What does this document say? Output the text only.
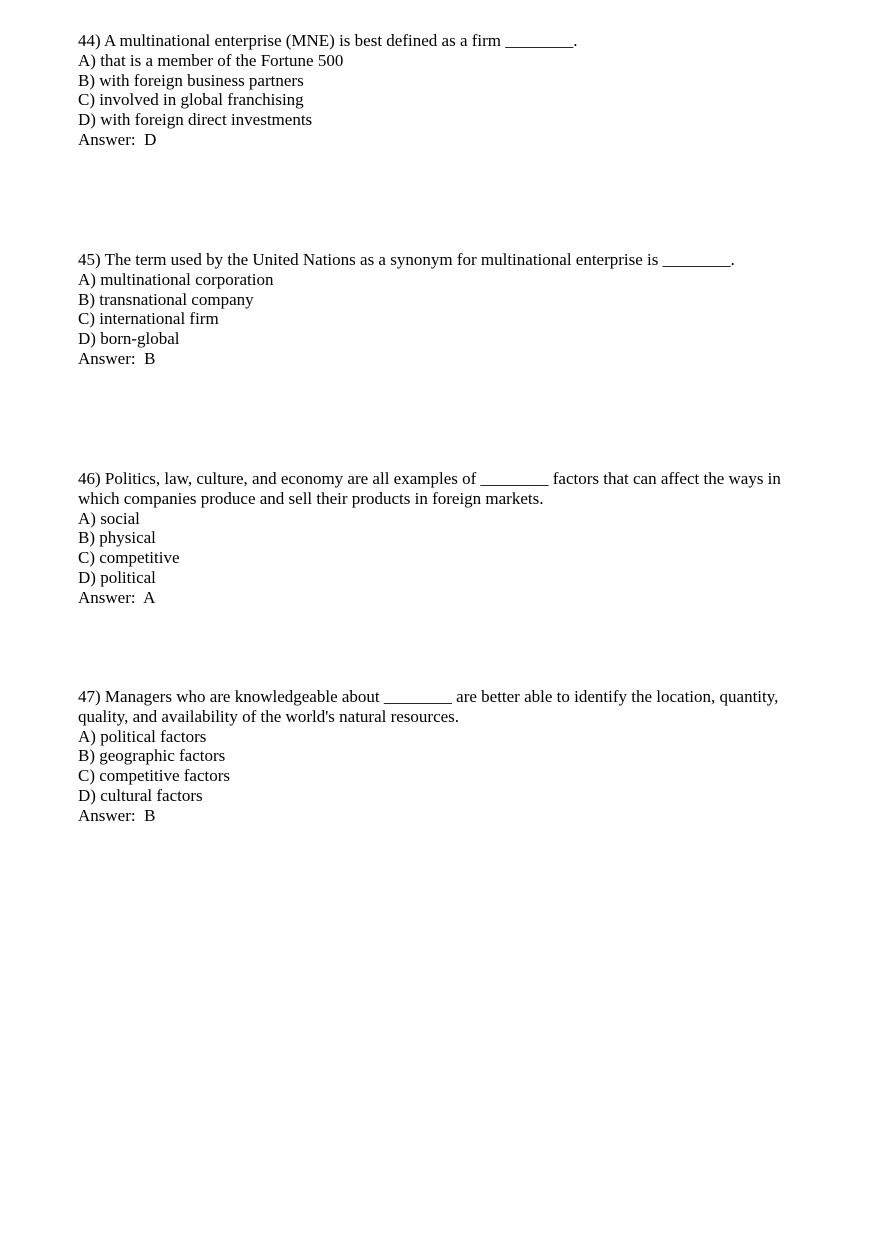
44) A multinational enterprise (MNE) is best defined as a firm ________.
A) that is a member of the Fortune 500
B) with foreign business partners
C) involved in global franchising
D) with foreign direct investments
Answer:  D
45) The term used by the United Nations as a synonym for multinational enterprise is ________.
A) multinational corporation
B) transnational company
C) international firm
D) born-global
Answer:  B
46) Politics, law, culture, and economy are all examples of ________ factors that can affect the ways in
which companies produce and sell their products in foreign markets.
A) social
B) physical
C) competitive
D) political
Answer:  A
47) Managers who are knowledgeable about ________ are better able to identify the location, quantity,
quality, and availability of the world's natural resources.
A) political factors
B) geographic factors
C) competitive factors
D) cultural factors
Answer:  B
